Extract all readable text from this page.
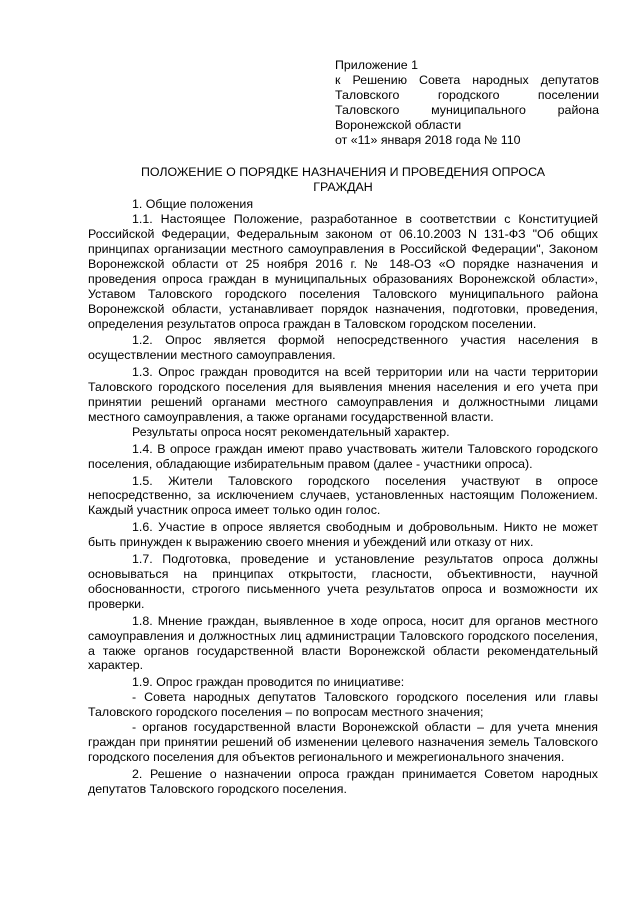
Приложение 1
к Решению Совета народных депутатов
Таловского городского поселении
Таловского муниципального района
Воронежской области
от «11» января 2018 года № 110
ПОЛОЖЕНИЕ О ПОРЯДКЕ НАЗНАЧЕНИЯ И ПРОВЕДЕНИЯ ОПРОСА ГРАЖДАН
1. Общие положения

1.1. Настоящее Положение, разработанное в соответствии с Конституцией Российской Федерации, Федеральным законом от 06.10.2003 N 131-ФЗ "Об общих принципах организации местного самоуправления в Российской Федерации", Законом Воронежской области от 25 ноября 2016 г. № 148-ОЗ «О порядке назначения и проведения опроса граждан в муниципальных образованиях Воронежской области», Уставом Таловского городского поселения Таловского муниципального района Воронежской области, устанавливает порядок назначения, подготовки, проведения, определения результатов опроса граждан в Таловском городском поселении.

1.2. Опрос является формой непосредственного участия населения в осуществлении местного самоуправления.

1.3. Опрос граждан проводится на всей территории или на части территории Таловского городского поселения для выявления мнения населения и его учета при принятии решений органами местного самоуправления и должностными лицами местного самоуправления, а также органами государственной власти.

Результаты опроса носят рекомендательный характер.

1.4. В опросе граждан имеют право участвовать жители Таловского городского поселения, обладающие избирательным правом (далее - участники опроса).

1.5. Жители Таловского городского поселения участвуют в опросе непосредственно, за исключением случаев, установленных настоящим Положением. Каждый участник опроса имеет только один голос.

1.6. Участие в опросе является свободным и добровольным. Никто не может быть принужден к выражению своего мнения и убеждений или отказу от них.

1.7. Подготовка, проведение и установление результатов опроса должны основываться на принципах открытости, гласности, объективности, научной обоснованности, строгого письменного учета результатов опроса и возможности их проверки.

1.8. Мнение граждан, выявленное в ходе опроса, носит для органов местного самоуправления и должностных лиц администрации Таловского городского поселения, а также органов государственной власти Воронежской области рекомендательный характер.

1.9. Опрос граждан проводится по инициативе:

- Совета народных депутатов Таловского городского поселения или главы Таловского городского поселения – по вопросам местного значения;

- органов государственной власти Воронежской области – для учета мнения граждан при принятии решений об изменении целевого назначения земель Таловского городского поселения для объектов регионального и межрегионального значения.

2. Решение о назначении опроса граждан принимается Советом народных депутатов Таловского городского поселения.
